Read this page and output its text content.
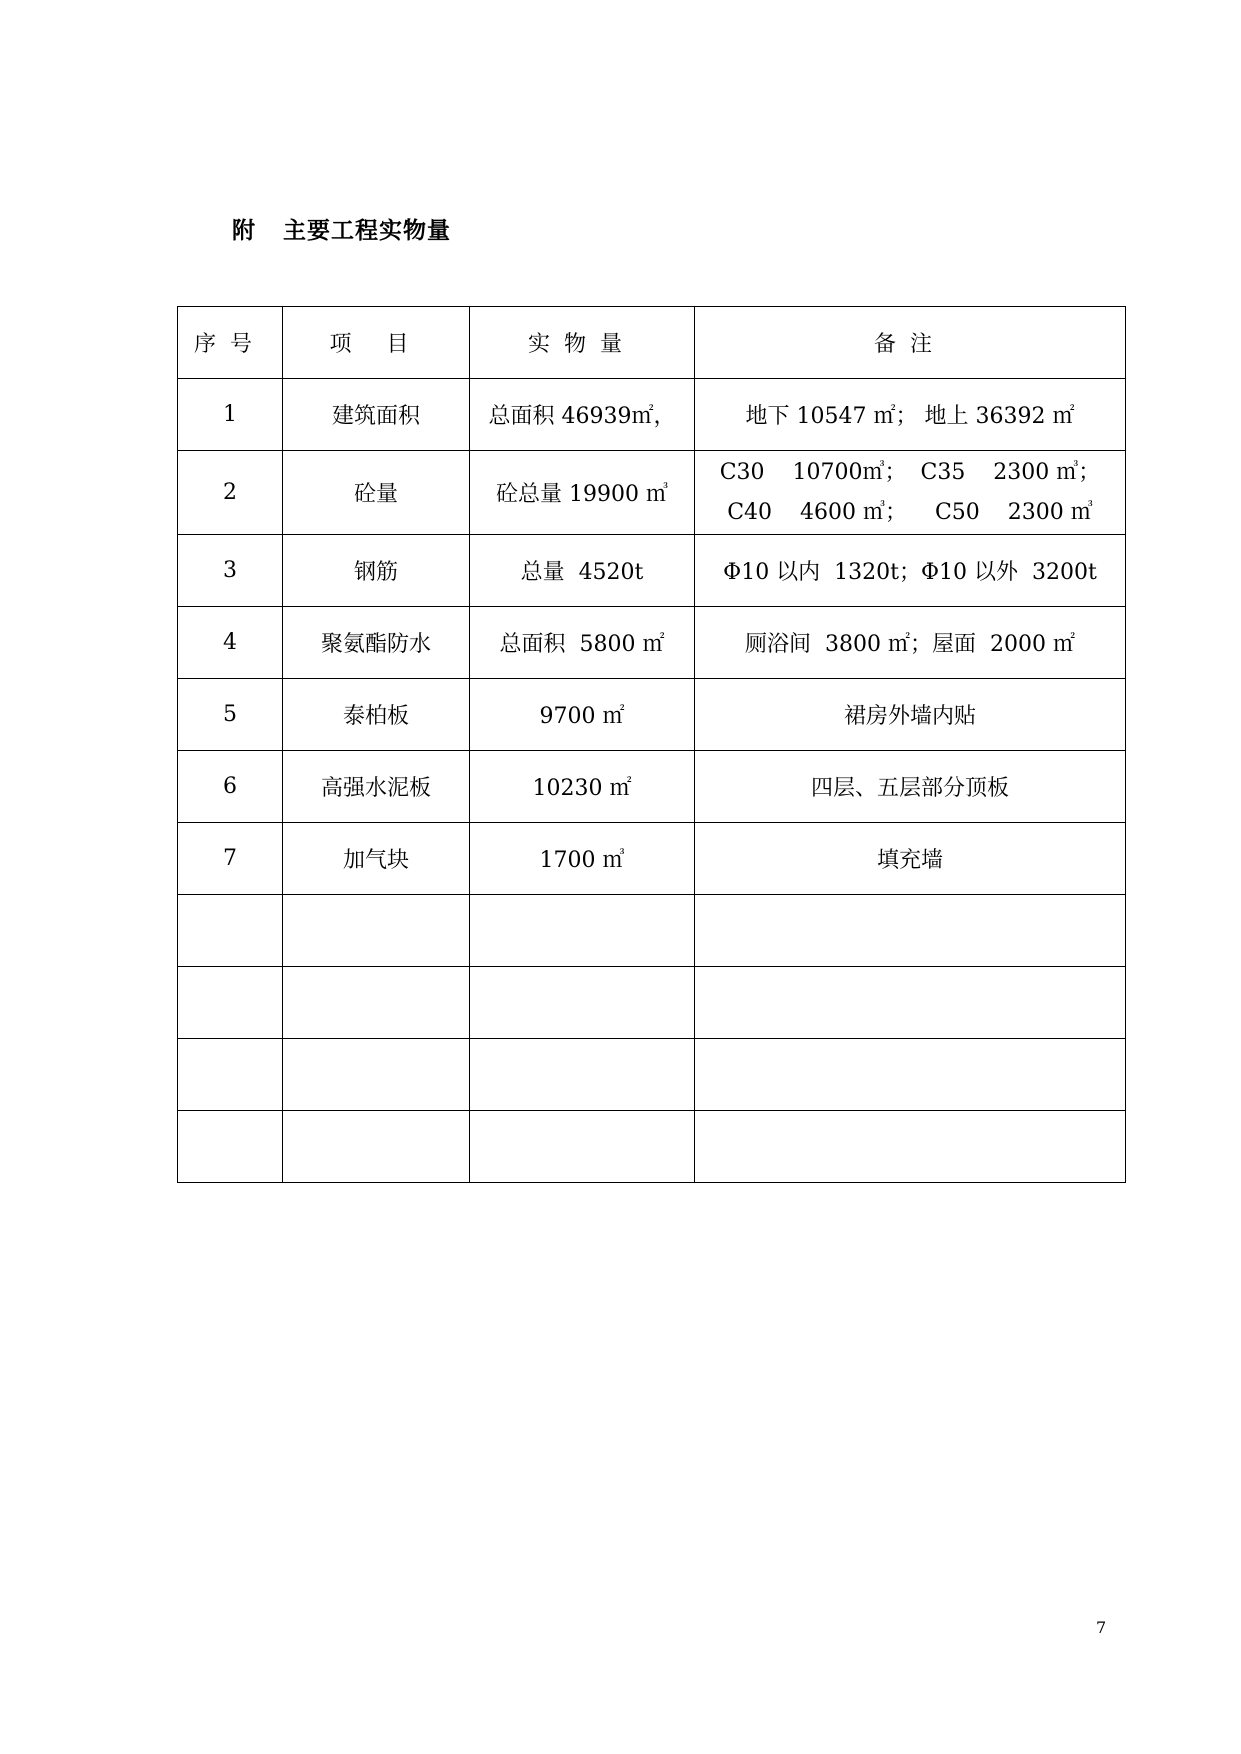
附   主要工程实物量
序号	项 目	实物量	备注
1	建筑面积	总面积 46939㎡，	地下 10547 ㎡； 地上 36392 ㎡
2	砼量	砼总量 19900 ㎥	C30    10700㎥；  C35    2300 ㎥；
C40    4600 ㎥；    C50    2300 ㎥

3	钢筋	总量  4520t	Φ10 以内  1320t；Φ10 以外  3200t
4	聚氨酯防水	总面积  5800 ㎡	厕浴间  3800 ㎡；屋面  2000 ㎡
5	泰柏板	9700 ㎡	裙房外墙内贴
6	高强水泥板	10230 ㎡	四层、五层部分顶板
7	加气块	1700 ㎥	填充墙

7
